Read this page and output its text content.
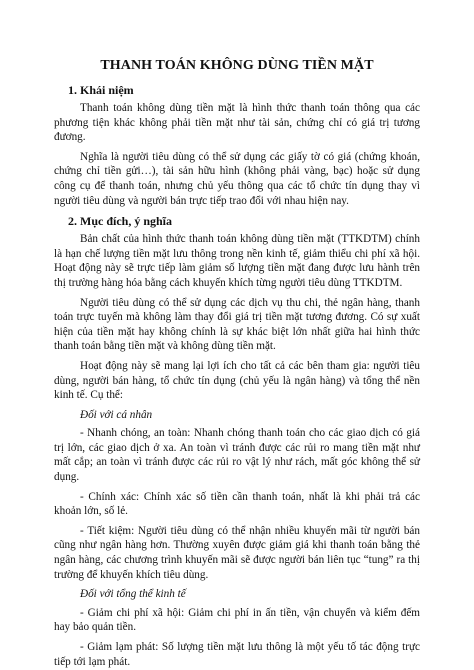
THANH TOÁN KHÔNG DÙNG TIỀN MẶT
1. Khái niệm

Thanh toán không dùng tiền mặt là hình thức thanh toán thông qua các phương tiện khác không phải tiền mặt như tài sản, chứng chỉ có giá trị tương đương.

Nghĩa là người tiêu dùng có thể sử dụng các giấy tờ có giá (chứng khoán, chứng chỉ tiền gửi…), tài sản hữu hình (không phải vàng, bạc) hoặc sử dụng công cụ để thanh toán, nhưng chủ yếu thông qua các tổ chức tín dụng thay vì người tiêu dùng và người bán trực tiếp trao đổi với nhau hiện nay.

2. Mục đích, ý nghĩa

Bản chất của hình thức thanh toán không dùng tiền mặt (TTKDTM) chính là hạn chế lượng tiền mặt lưu thông trong nền kinh tế, giảm thiểu chi phí xã hội. Hoạt động này sẽ trực tiếp làm giảm số lượng tiền mặt đang được lưu hành trên thị trường hàng hóa bằng cách khuyến khích từng người tiêu dùng TTKDTM.

Người tiêu dùng có thể sử dụng các dịch vụ thu chi, thẻ ngân hàng, thanh toán trực tuyến mà không làm thay đổi giá trị tiền mặt tương đương. Có sự xuất hiện của tiền mặt hay không chính là sự khác biệt lớn nhất giữa hai hình thức thanh toán bằng tiền mặt và không dùng tiền mặt.

Hoạt động này sẽ mang lại lợi ích cho tất cả các bên tham gia: người tiêu dùng, người bán hàng, tổ chức tín dụng (chủ yếu là ngân hàng) và tổng thể nền kinh tế. Cụ thể:

Đối với cá nhân

- Nhanh chóng, an toàn: Nhanh chóng thanh toán cho các giao dịch có giá trị lớn, các giao dịch ở xa. An toàn vì tránh được các rủi ro mang tiền mặt như mất cắp; an toàn vì tránh được các rủi ro vật lý như rách, mất góc không thể sử dụng.

- Chính xác: Chính xác số tiền cần thanh toán, nhất là khi phải trả các khoản lớn, số lẻ.

- Tiết kiệm: Người tiêu dùng có thể nhận nhiều khuyến mãi từ người bán cũng như ngân hàng hơn. Thường xuyên được giảm giá khi thanh toán bằng thẻ ngân hàng, các chương trình khuyến mãi sẽ được người bán liên tục “tung” ra thị trường để khuyến khích tiêu dùng.

Đối với tổng thể kinh tế

- Giảm chi phí xã hội: Giảm chi phí in ấn tiền, vận chuyển và kiểm đếm hay bảo quản tiền.

- Giảm lạm phát: Số lượng tiền mặt lưu thông là một yếu tố tác động trực tiếp tới lạm phát.
